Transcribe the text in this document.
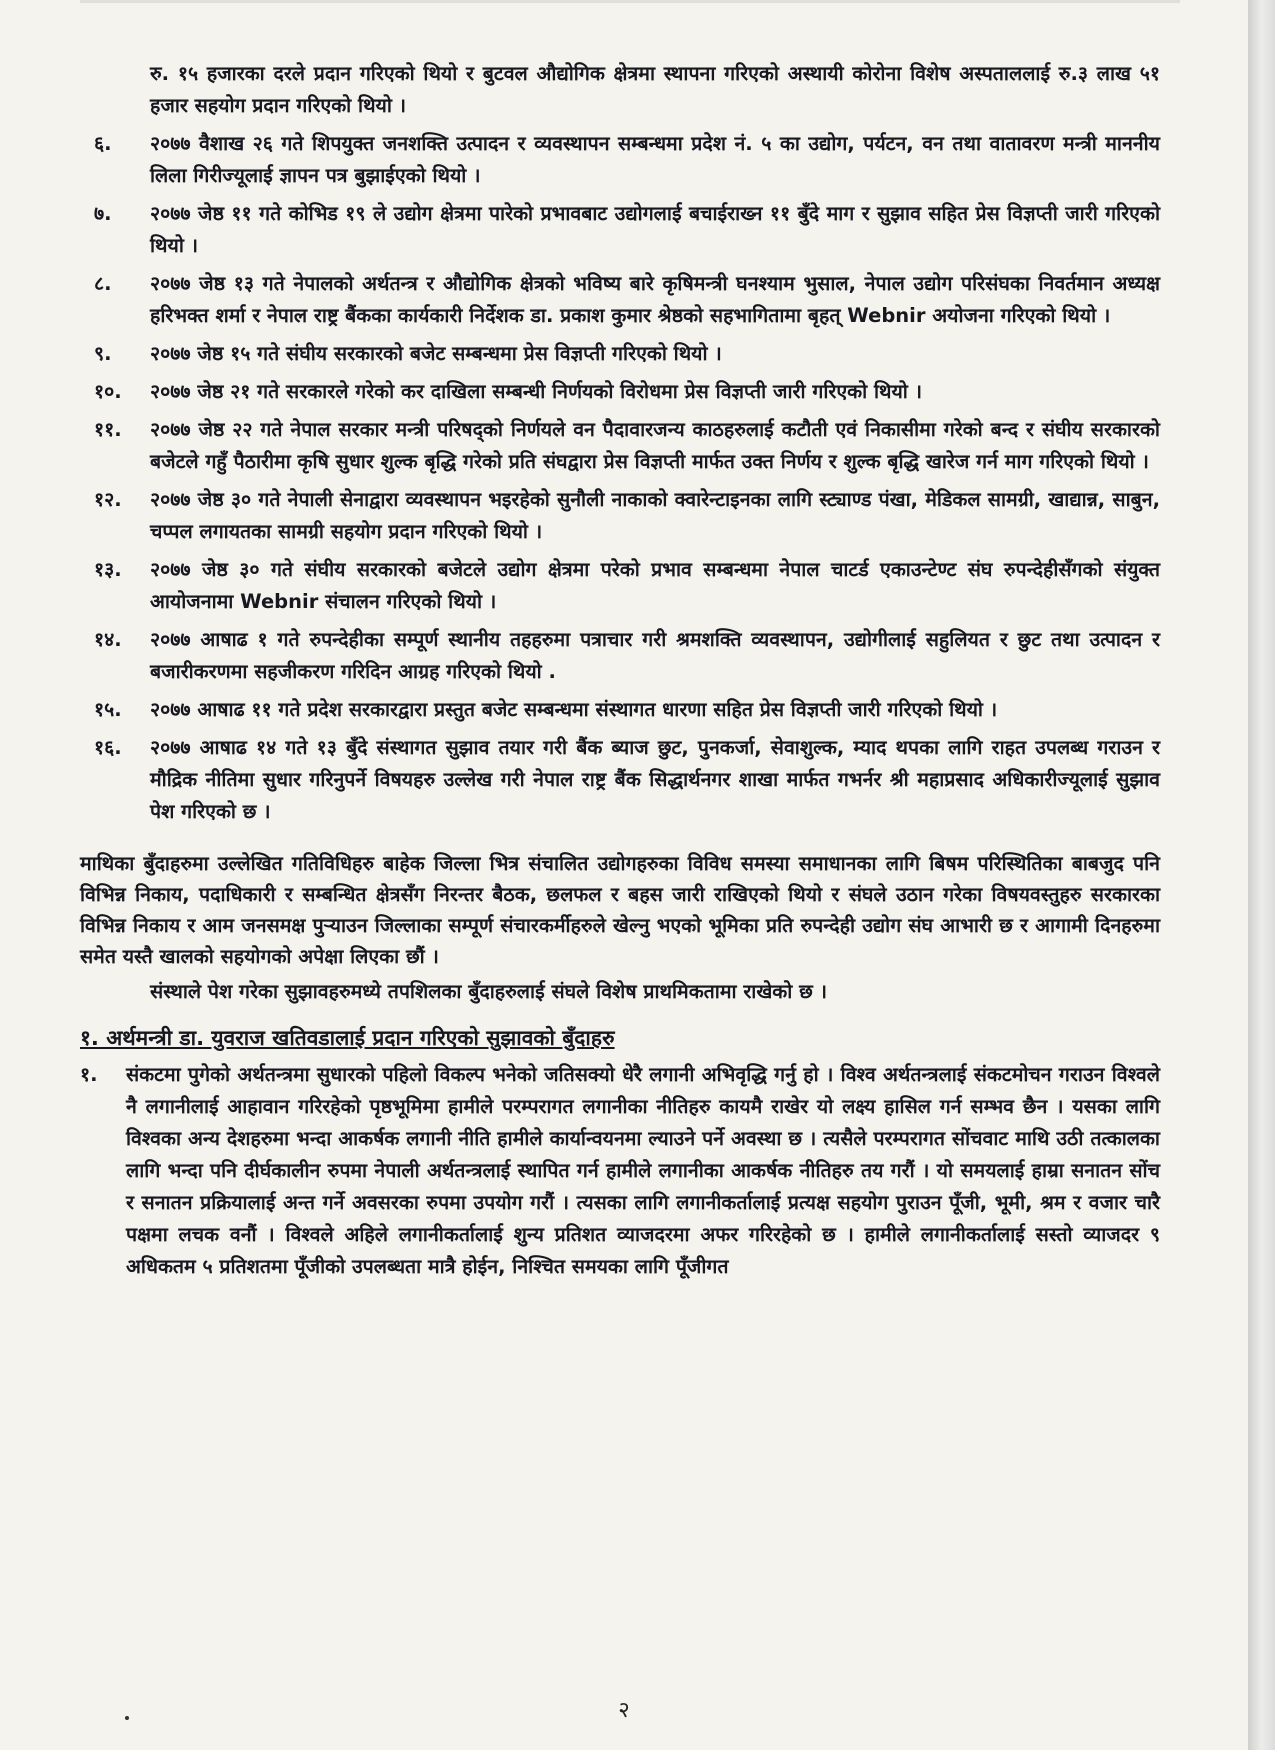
रु. १५ हजारका दरले प्रदान गरिएको थियो र बुटवल औद्योगिक क्षेत्रमा स्थापना गरिएको अस्थायी कोरोना विशेष अस्पताललाई रु.३ लाख ५१ हजार सहयोग प्रदान गरिएको थियो ।

६. २०७७ वैशाख २६ गते शिपयुक्त जनशक्ति उत्पादन र व्यवस्थापन सम्बन्धमा प्रदेश नं. ५ का उद्योग, पर्यटन, वन तथा वातावरण मन्त्री माननीय लिला गिरीज्यूलाई ज्ञापन पत्र बुझाईएको थियो ।
७. २०७७ जेष्ठ ११ गते कोभिड १९ ले उद्योग क्षेत्रमा पारेको प्रभावबाट उद्योगलाई बचाईराख्न ११ बुँदे माग र सुझाव सहित प्रेस विज्ञप्ती जारी गरिएको थियो ।
८. २०७७ जेष्ठ १३ गते नेपालको अर्थतन्त्र र औद्योगिक क्षेत्रको भविष्य बारे कृषिमन्त्री घनश्याम भुसाल, नेपाल उद्योग परिसंघका निवर्तमान अध्यक्ष हरिभक्त शर्मा र नेपाल राष्ट्र बैंकका कार्यकारी निर्देशक डा. प्रकाश कुमार श्रेष्ठको सहभागितामा बृहत् Webnir अयोजना गरिएको थियो ।
९. २०७७ जेष्ठ १५ गते संघीय सरकारको बजेट सम्बन्धमा प्रेस विज्ञप्ती गरिएको थियो ।
१०. २०७७ जेष्ठ २१ गते सरकारले गरेको कर दाखिला सम्बन्धी निर्णयको विरोधमा प्रेस विज्ञप्ती जारी गरिएको थियो ।
११. २०७७ जेष्ठ २२ गते नेपाल सरकार मन्त्री परिषद्को निर्णयले वन पैदावारजन्य काठहरुलाई कटौती एवं निकासीमा गरेको बन्द र संघीय सरकारको बजेटले गहुँ पैठारीमा कृषि सुधार शुल्क बृद्धि गरेको प्रति संघद्वारा प्रेस विज्ञप्ती मार्फत उक्त निर्णय र शुल्क बृद्धि खारेज गर्न माग गरिएको थियो ।
१२. २०७७ जेष्ठ ३० गते नेपाली सेनाद्वारा व्यवस्थापन भइरहेको सुनौली नाकाको क्वारेन्टाइनका लागि स्ट्याण्ड पंखा, मेडिकल सामग्री, खाद्यान्न, साबुन, चप्पल लगायतका सामग्री सहयोग प्रदान गरिएको थियो ।
१३. २०७७ जेष्ठ ३० गते संघीय सरकारको बजेटले उद्योग क्षेत्रमा परेको प्रभाव सम्बन्धमा नेपाल चाटर्ड एकाउन्टेण्ट संघ रुपन्देहीसँगको संयुक्त आयोजनामा Webnir संचालन गरिएको थियो ।
१४. २०७७ आषाढ १ गते रुपन्देहीका सम्पूर्ण स्थानीय तहहरुमा पत्राचार गरी श्रमशक्ति व्यवस्थापन, उद्योगीलाई सहुलियत र छुट तथा उत्पादन र बजारीकरणमा सहजीकरण गरिदिन आग्रह गरिएको थियो .
१५. २०७७ आषाढ ११ गते प्रदेश सरकारद्वारा प्रस्तुत बजेट सम्बन्धमा संस्थागत धारणा सहित प्रेस विज्ञप्ती जारी गरिएको थियो ।
१६. २०७७ आषाढ १४ गते १३ बुँदे संस्थागत सुझाव तयार गरी बैंक ब्याज छुट, पुनकर्जा, सेवाशुल्क, म्याद थपका लागि राहत उपलब्ध गराउन र मौद्रिक नीतिमा सुधार गरिनुपर्ने विषयहरु उल्लेख गरी नेपाल राष्ट्र बैंक सिद्धार्थनगर शाखा मार्फत गभर्नर श्री महाप्रसाद अधिकारीज्यूलाई सुझाव पेश गरिएको छ ।

माथिका बुँदाहरुमा उल्लेखित गतिविधिहरु बाहेक जिल्ला भित्र संचालित उद्योगहरुका विविध समस्या समाधानका लागि बिषम परिस्थितिका बाबजुद पनि विभिन्न निकाय, पदाधिकारी र सम्बन्धित क्षेत्रसँग निरन्तर बैठक, छलफल र बहस जारी राखिएको थियो र संघले उठान गरेका विषयवस्तुहरु सरकारका विभिन्न निकाय र आम जनसमक्ष पुऱ्याउन जिल्लाका सम्पूर्ण संचारकर्मीहरुले खेल्नु भएको भूमिका प्रति रुपन्देही उद्योग संघ आभारी छ र आगामी दिनहरुमा समेत यस्तै खालको सहयोगको अपेक्षा लिएका छौं ।

संस्थाले पेश गरेका सुझावहरुमध्ये तपशिलका बुँदाहरुलाई संघले विशेष प्राथमिकतामा राखेको छ ।

१. अर्थमन्त्री डा. युवराज खतिवडालाई प्रदान गरिएको सुझावको बुँदाहरु
१. संकटमा पुगेको अर्थतन्त्रमा सुधारको पहिलो विकल्प भनेको जतिसक्यो धेरै लगानी अभिवृद्धि गर्नु हो । विश्व अर्थतन्त्रलाई संकटमोचन गराउन विश्वले नै लगानीलाई आहावान गरिरहेको पृष्ठभूमिमा हामीले परम्परागत लगानीका नीतिहरु कायमै राखेर यो लक्ष्य हासिल गर्न सम्भव छैन । यसका लागि विश्वका अन्य देशहरुमा भन्दा आकर्षक लगानी नीति हामीले कार्यान्वयनमा ल्याउने पर्ने अवस्था छ । त्यसैले परम्परागत सोंचवाट माथि उठी तत्कालका लागि भन्दा पनि दीर्घकालीन रुपमा नेपाली अर्थतन्त्रलाई स्थापित गर्न हामीले लगानीका आकर्षक नीतिहरु तय गरौं । यो समयलाई हाम्रा सनातन सोंच र सनातन प्रक्रियालाई अन्त गर्ने अवसरका रुपमा उपयोग गरौं । त्यसका लागि लगानीकर्तालाई प्रत्यक्ष सहयोग पुराउन पूँजी, भूमी, श्रम र वजार चारै पक्षमा लचक वनौं । विश्वले अहिले लगानीकर्तालाई शुन्य प्रतिशत व्याजदरमा अफर गरिरहेको छ । हामीले लगानीकर्तालाई सस्तो व्याजदर ९ अधिकतम ५ प्रतिशतमा पूँजीको उपलब्धता मात्रै होईन, निश्चित समयका लागि पूँजीगत
२
